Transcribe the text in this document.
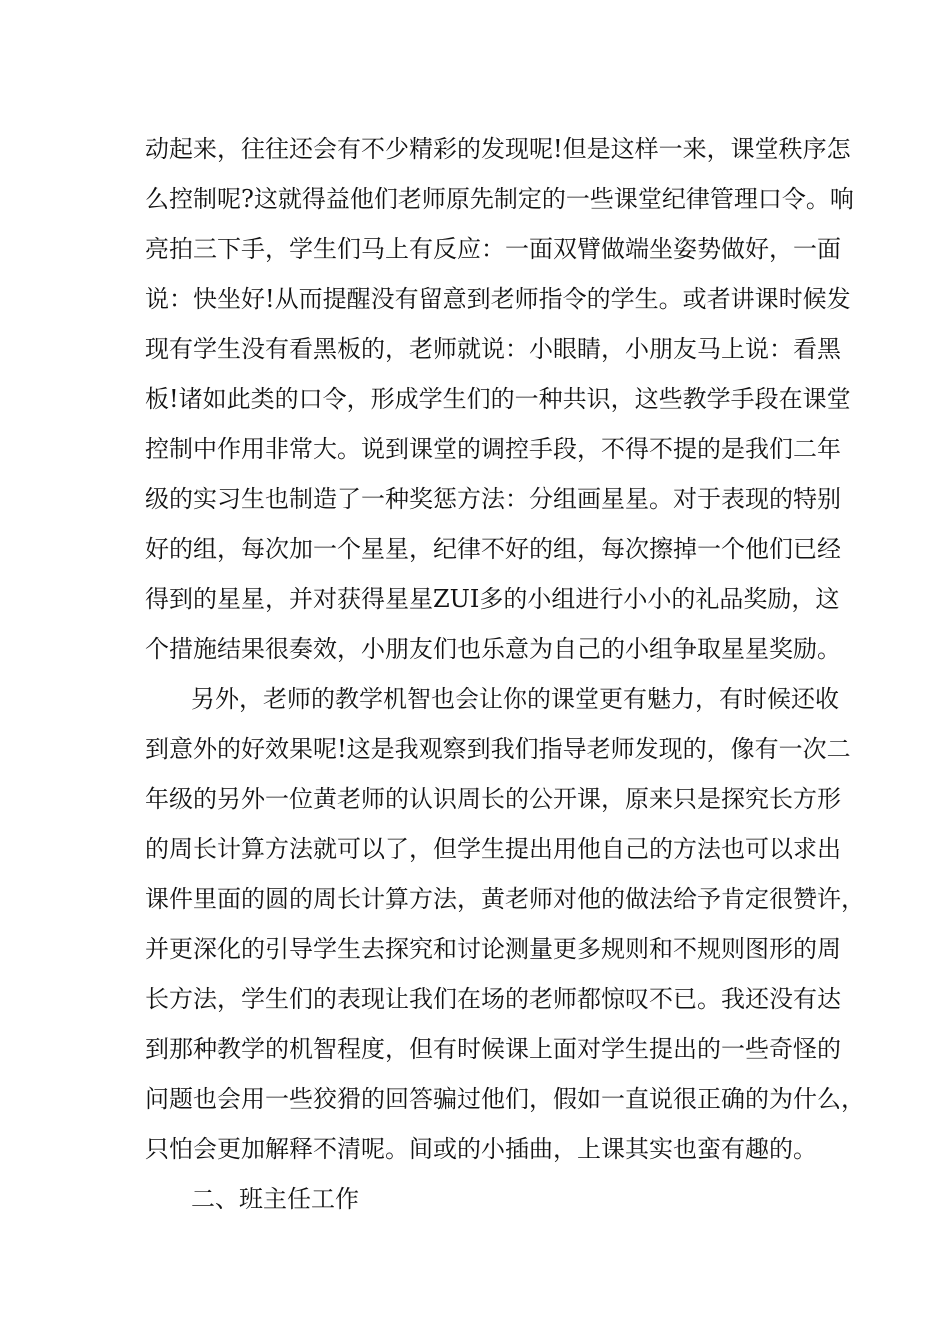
动起来，往往还会有不少精彩的发现呢!但是这样一来，课堂秩序怎
么控制呢?这就得益他们老师原先制定的一些课堂纪律管理口令。响
亮拍三下手，学生们马上有反应：一面双臂做端坐姿势做好，一面
说：快坐好!从而提醒没有留意到老师指令的学生。或者讲课时候发
现有学生没有看黑板的，老师就说：小眼睛，小朋友马上说：看黑
板!诸如此类的口令，形成学生们的一种共识，这些教学手段在课堂
控制中作用非常大。说到课堂的调控手段，不得不提的是我们二年
级的实习生也制造了一种奖惩方法：分组画星星。对于表现的特别
好的组，每次加一个星星，纪律不好的组，每次擦掉一个他们已经
得到的星星，并对获得星星ZUI多的小组进行小小的礼品奖励，这
个措施结果很奏效，小朋友们也乐意为自己的小组争取星星奖励。
另外，老师的教学机智也会让你的课堂更有魅力，有时候还收
到意外的好效果呢!这是我观察到我们指导老师发现的，像有一次二
年级的另外一位黄老师的认识周长的公开课，原来只是探究长方形
的周长计算方法就可以了，但学生提出用他自己的方法也可以求出
课件里面的圆的周长计算方法，黄老师对他的做法给予肯定很赞许，
并更深化的引导学生去探究和讨论测量更多规则和不规则图形的周
长方法，学生们的表现让我们在场的老师都惊叹不已。我还没有达
到那种教学的机智程度，但有时候课上面对学生提出的一些奇怪的
问题也会用一些狡猾的回答骗过他们，假如一直说很正确的为什么，
只怕会更加解释不清呢。间或的小插曲，上课其实也蛮有趣的。
二、班主任工作
